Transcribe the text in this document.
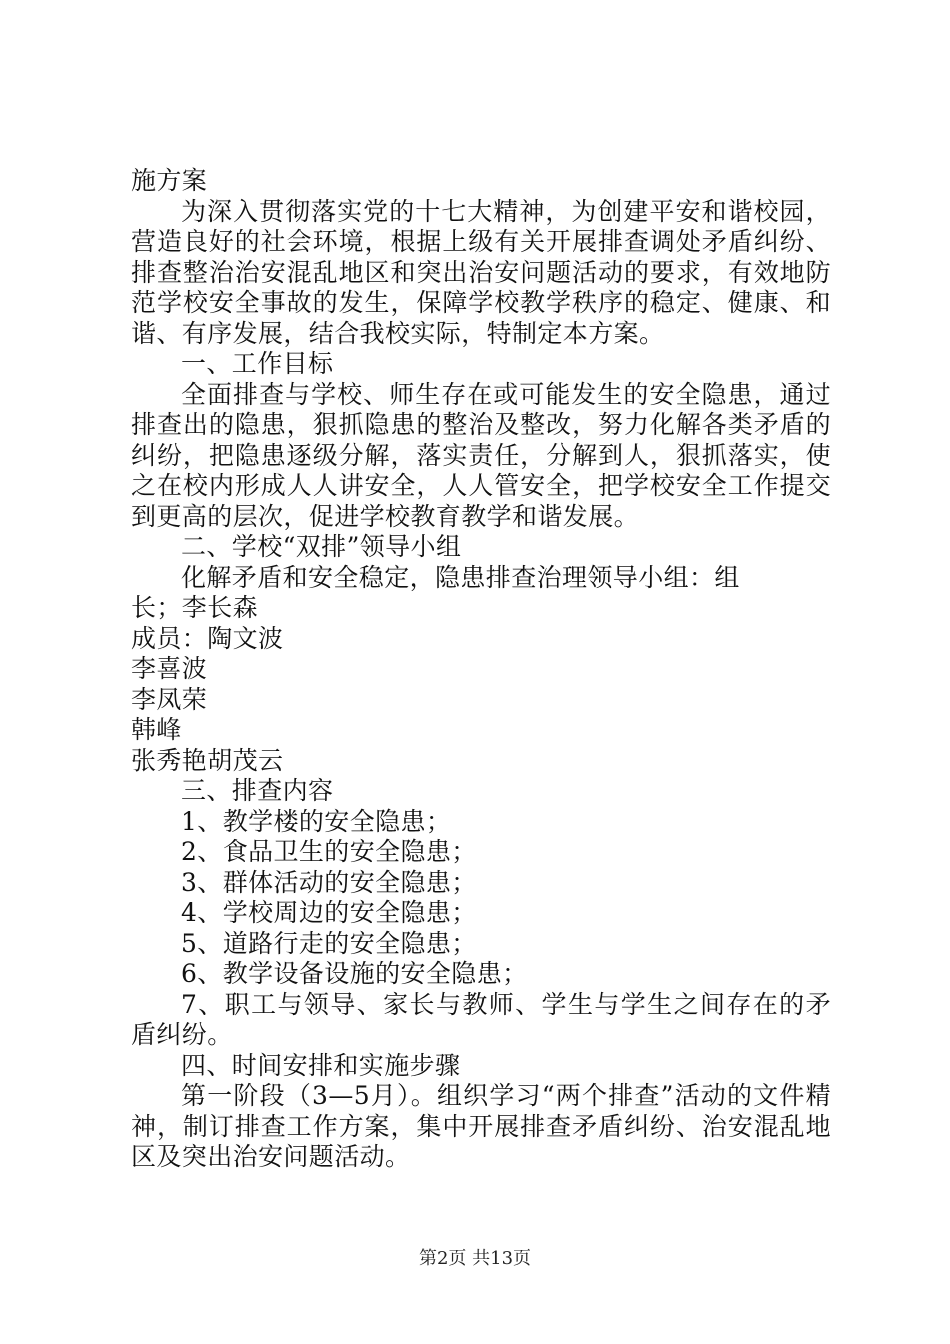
施方案

为深入贯彻落实党的十七大精神，为创建平安和谐校园，营造良好的社会环境，根据上级有关开展排查调处矛盾纠纷、排查整治治安混乱地区和突出治安问题活动的要求，有效地防范学校安全事故的发生，保障学校教学秩序的稳定、健康、和谐、有序发展，结合我校实际，特制定本方案。

一、工作目标

全面排查与学校、师生存在或可能发生的安全隐患，通过排查出的隐患，狠抓隐患的整治及整改，努力化解各类矛盾的纠纷，把隐患逐级分解，落实责任，分解到人，狠抓落实，使之在校内形成人人讲安全，人人管安全，把学校安全工作提交到更高的层次，促进学校教育教学和谐发展。

二、学校“双排”领导小组

化解矛盾和安全稳定，隐患排查治理领导小组：组

长；李长森

成员：陶文波

李喜波

李凤荣

韩峰

张秀艳胡茂云

三、排查内容

1、教学楼的安全隐患；

2、食品卫生的安全隐患；

3、群体活动的安全隐患；

4、学校周边的安全隐患；

5、道路行走的安全隐患；

6、教学设备设施的安全隐患；

7、职工与领导、家长与教师、学生与学生之间存在的矛盾纠纷。

四、时间安排和实施步骤

第一阶段（3—5月）。组织学习“两个排查”活动的文件精神，制订排查工作方案，集中开展排查矛盾纠纷、治安混乱地区及突出治安问题活动。

第2页 共13页
